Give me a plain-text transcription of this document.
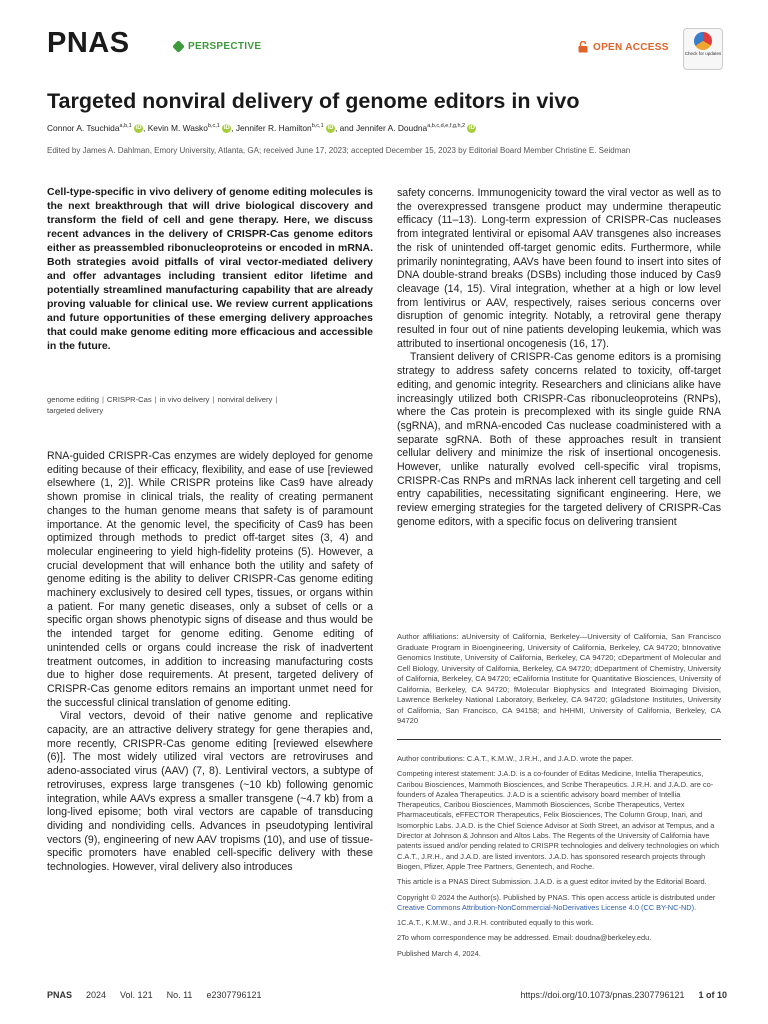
PNAS	PERSPECTIVE	OPEN ACCESS
Check for updates
Targeted nonviral delivery of genome editors in vivo
Connor A. Tsuchida$^{a,b,1}$ iD , Kevin M. Wasko$^{b,c,1}$ iD , Jennifer R. Hamilton$^{b,c,1}$ iD , and Jennifer A. Doudna$^{a,b,c,d,e,f,g,h,2}$ iD
Edited by James A. Dahlman, Emory University, Atlanta, GA; received June 17, 2023; accepted December 15, 2023 by Editorial Board Member Christine E. Seidman
Cell-type-specific in vivo delivery of genome editing molecules is the next breakthrough that will drive biological discovery and transform the field of cell and gene therapy. Here, we discuss recent advances in the delivery of CRISPR-Cas genome editors either as preassembled ribonucleoproteins or encoded in mRNA. Both strategies avoid pitfalls of viral vector-mediated delivery and offer advantages including transient editor lifetime and potentially streamlined manufacturing capability that are already proving valuable for clinical use. We review current applications and future opportunities of these emerging delivery approaches that could make genome editing more efficacious and accessible in the future.
genome editing | CRISPR-Cas | in vivo delivery | nonviral delivery |
targeted delivery

RNA-guided CRISPR-Cas enzymes are widely deployed for genome editing because of their efficacy, flexibility, and ease of use [reviewed elsewhere (1, 2)]. While CRISPR proteins like Cas9 have already shown promise in clinical trials, the reality of creating permanent changes to the human genome means that safety is of paramount importance. At the genomic level, the specificity of Cas9 has been optimized through methods to predict off-target sites (3, 4) and molecular engineering to yield high-fidelity proteins (5). However, a crucial development that will enhance both the utility and safety of genome editing is the ability to deliver CRISPR-Cas genome editing machinery exclusively to desired cell types, tissues, or organs within a patient. For many genetic diseases, only a subset of cells or a specific organ shows phenotypic signs of disease and thus would be the intended target for genome editing. Genome editing of unintended cells or organs could increase the risk of inadvertent treatment outcomes, in addition to increasing manufacturing costs due to higher dose requirements. At present, targeted delivery of CRISPR-Cas genome editors remains an important unmet need for the successful clinical translation of genome editing.

Viral vectors, devoid of their native genome and replicative capacity, are an attractive delivery strategy for gene therapies and, more recently, CRISPR-Cas genome editing [reviewed elsewhere (6)]. The most widely utilized viral vectors are retroviruses and adeno-associated virus (AAV) (7, 8). Lentiviral vectors, a subtype of retroviruses, express large transgenes (~10 kb) following genomic integration, while AAVs express a smaller transgene (~4.7 kb) from a long-lived episome; both viral vectors are capable of transducing dividing and nondividing cells. Advances in pseudotyping lentiviral vectors (9), engineering of new AAV tropisms (10), and use of tissue-specific promoters have enabled cell-specific delivery with these technologies. However, viral delivery also introduces

safety concerns. Immunogenicity toward the viral vector as well as to the overexpressed transgene product may undermine therapeutic efficacy (11–13). Long-term expression of CRISPR-Cas nucleases from integrated lentiviral or episomal AAV transgenes also increases the risk of unintended off-target genomic edits. Furthermore, while primarily nonintegrating, AAVs have been found to insert into sites of DNA double-strand breaks (DSBs) including those induced by Cas9 cleavage (14, 15). Viral integration, whether at a high or low level from lentivirus or AAV, respectively, raises serious concerns over disruption of genomic integrity. Notably, a retroviral gene therapy resulted in four out of nine patients developing leukemia, which was attributed to insertional oncogenesis (16, 17).

Transient delivery of CRISPR-Cas genome editors is a promising strategy to address safety concerns related to toxicity, off-target editing, and genomic integrity. Researchers and clinicians alike have increasingly utilized both CRISPR-Cas ribonucleoproteins (RNPs), where the Cas protein is precomplexed with its single guide RNA (sgRNA), and mRNA-encoded Cas nuclease coadministered with a separate sgRNA. Both of these approaches result in transient cellular delivery and minimize the risk of insertional oncogenesis. However, unlike naturally evolved cell-specific viral tropisms, CRISPR-Cas RNPs and mRNAs lack inherent cell targeting and cell entry capabilities, necessitating significant engineering. Here, we review emerging strategies for the targeted delivery of CRISPR-Cas genome editors, with a specific focus on delivering transient

Author affiliations: aUniversity of California, Berkeley—University of California, San Francisco Graduate Program in Bioengineering, University of California, Berkeley, CA 94720; bInnovative Genomics Institute, University of California, Berkeley, CA 94720; cDepartment of Molecular and Cell Biology, University of California, Berkeley, CA 94720; dDepartment of Chemistry, University of California, Berkeley, CA 94720; eCalifornia Institute for Quantitative Biosciences, University of California, Berkeley, CA 94720; fMolecular Biophysics and Integrated Bioimaging Division, Lawrence Berkeley National Laboratory, Berkeley, CA 94720; gGladstone Institutes, University of California, San Francisco, CA 94158; and hHHMI, University of California, Berkeley, CA 94720

Author contributions: C.A.T., K.M.W., J.R.H., and J.A.D. wrote the paper.

Competing interest statement: J.A.D. is a co-founder of Editas Medicine, Intellia Therapeutics, Caribou Biosciences, Mammoth Biosciences, and Scribe Therapeutics. J.R.H. and J.A.D. are co-founders of Azalea Therapeutics. J.A.D is a scientific advisory board member of Intellia Therapeutics, Caribou Biosciences, Mammoth Biosciences, Scribe Therapeutics, Vertex Pharmaceuticals, eFFECTOR Therapeutics, Felix Biosciences, The Column Group, Inari, and Isomorphic Labs. J.A.D. is the Chief Science Advisor at Sixth Street, an advisor at Tempus, and a Director at Johnson & Johnson and Altos Labs. The Regents of the University of California have patents issued and/or pending related to CRISPR technologies and delivery technologies on which C.A.T., J.R.H., and J.A.D. are listed inventors. J.A.D. has sponsored research projects through Biogen, Pfizer, Apple Tree Partners, Genentech, and Roche.

This article is a PNAS Direct Submission. J.A.D. is a guest editor invited by the Editorial Board.

Copyright © 2024 the Author(s). Published by PNAS. This open access article is distributed under Creative Commons Attribution-NonCommercial-NoDerivatives License 4.0 (CC BY-NC-ND).

1C.A.T., K.M.W., and J.R.H. contributed equally to this work.

2To whom correspondence may be addressed. Email: doudna@berkeley.edu.

Published March 4, 2024.

PNAS 2024 Vol. 121 No. 11 e2307796121	https://doi.org/10.1073/pnas.2307796121 1 of 10
